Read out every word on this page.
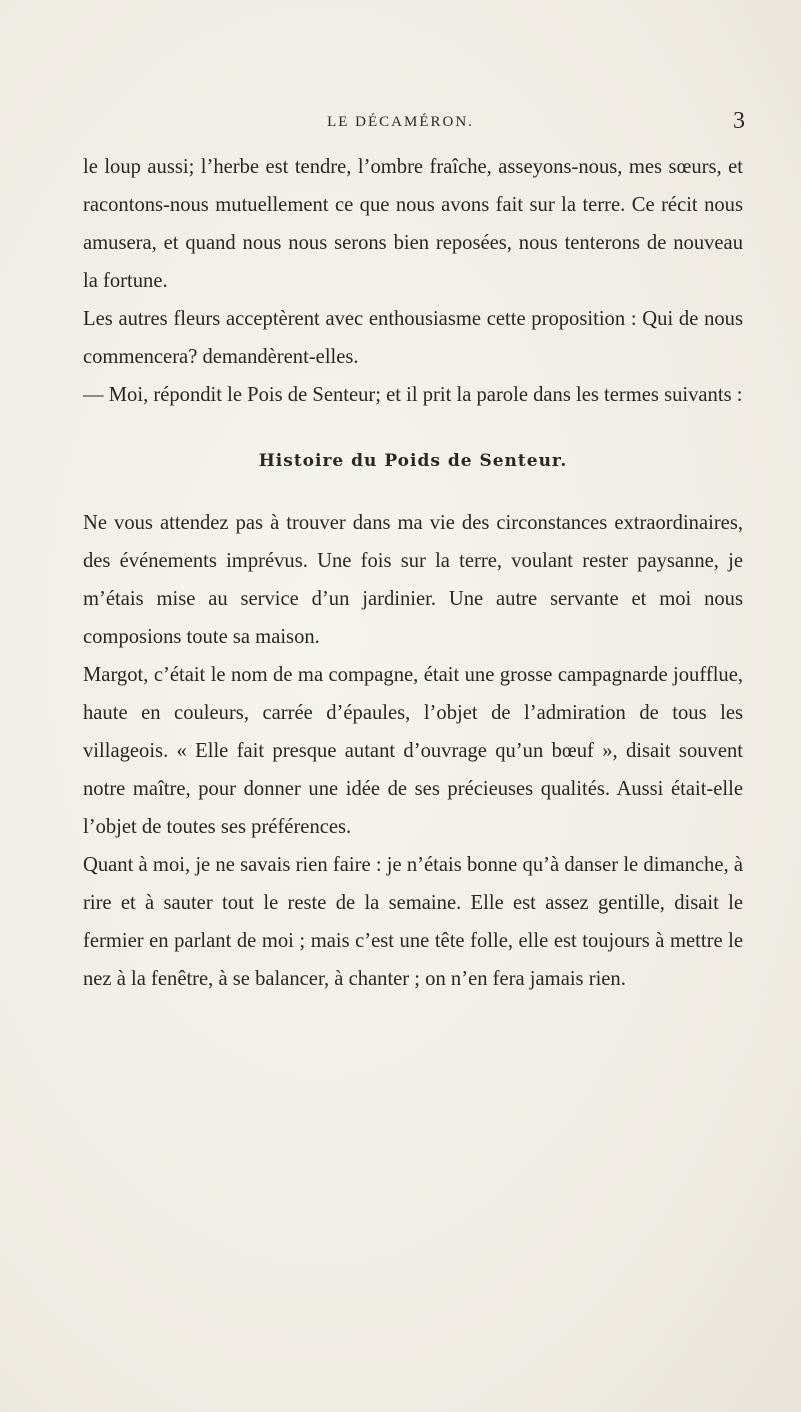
LE DÉCAMÉRON.	3

le loup aussi; l’herbe est tendre, l’ombre fraîche, asseyons-nous, mes sœurs, et racontons-nous mutuellement ce que nous avons fait sur la terre. Ce récit nous amusera, et quand nous nous serons bien reposées, nous tenterons de nouveau la fortune.

Les autres fleurs acceptèrent avec enthousiasme cette proposition : Qui de nous commencera? demandèrent-elles.

— Moi, répondit le Pois de Senteur; et il prit la parole dans les termes suivants :

Histoire du Poids de Senteur.

Ne vous attendez pas à trouver dans ma vie des circonstances extraordinaires, des événements imprévus. Une fois sur la terre, voulant rester paysanne, je m’étais mise au service d’un jardinier. Une autre servante et moi nous composions toute sa maison.

Margot, c’était le nom de ma compagne, était une grosse campagnarde joufflue, haute en couleurs, carrée d’épaules, l’objet de l’admiration de tous les villageois. « Elle fait presque autant d’ouvrage qu’un bœuf », disait souvent notre maître, pour donner une idée de ses précieuses qualités. Aussi était-elle l’objet de toutes ses préférences.

Quant à moi, je ne savais rien faire : je n’étais bonne qu’à danser le dimanche, à rire et à sauter tout le reste de la semaine. Elle est assez gentille, disait le fermier en parlant de moi ; mais c’est une tête folle, elle est toujours à mettre le nez à la fenêtre, à se balancer, à chanter ; on n’en fera jamais rien.
